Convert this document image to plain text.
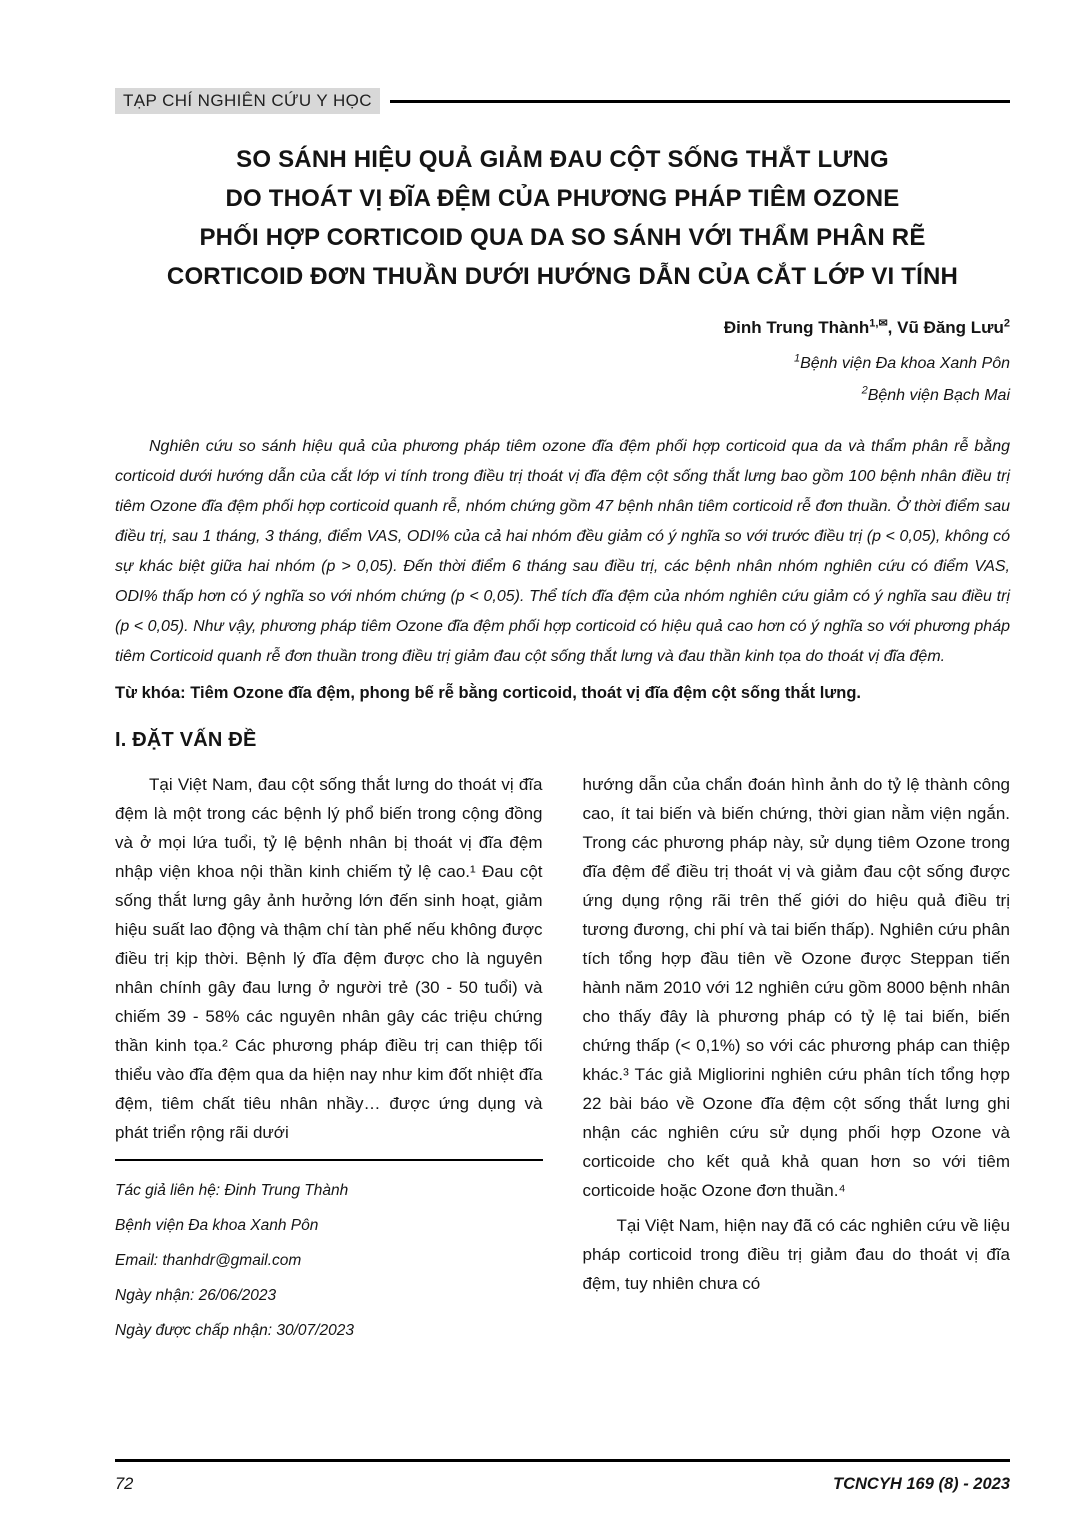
TẠP CHÍ NGHIÊN CỨU Y HỌC
SO SÁNH HIỆU QUẢ GIẢM ĐAU CỘT SỐNG THẮT LƯNG
DO THOÁT VỊ ĐĨA ĐỆM CỦA PHƯƠNG PHÁP TIÊM OZONE
PHỐI HỢP CORTICOID QUA DA SO SÁNH VỚI THẨM PHÂN RẼ
CORTICOID ĐƠN THUẦN DƯỚI HƯỚNG DẪN CỦA CẮT LỚP VI TÍNH
Đinh Trung Thành$^{1,✉}$, Vũ Đăng Lưu$^2$
$^1$Bệnh viện Đa khoa Xanh Pôn
$^2$Bệnh viện Bạch Mai

Nghiên cứu so sánh hiệu quả của phương pháp tiêm ozone đĩa đệm phối hợp corticoid qua da và thẩm phân rễ bằng corticoid dưới hướng dẫn của cắt lớp vi tính trong điều trị thoát vị đĩa đệm cột sống thắt lưng bao gồm 100 bệnh nhân điều trị tiêm Ozone đĩa đệm phối hợp corticoid quanh rễ, nhóm chứng gồm 47 bệnh nhân tiêm corticoid rễ đơn thuần. Ở thời điểm sau điều trị, sau 1 tháng, 3 tháng, điểm VAS, ODI% của cả hai nhóm đều giảm có ý nghĩa so với trước điều trị (p < 0,05), không có sự khác biệt giữa hai nhóm (p > 0,05). Đến thời điểm 6 tháng sau điều trị, các bệnh nhân nhóm nghiên cứu có điểm VAS, ODI% thấp hơn có ý nghĩa so với nhóm chứng (p < 0,05). Thể tích đĩa đệm của nhóm nghiên cứu giảm có ý nghĩa sau điều trị (p < 0,05). Như vậy, phương pháp tiêm Ozone đĩa đệm phối hợp corticoid có hiệu quả cao hơn có ý nghĩa so với phương pháp tiêm Corticoid quanh rễ đơn thuần trong điều trị giảm đau cột sống thắt lưng và đau thần kinh tọa do thoát vị đĩa đệm.

Từ khóa: Tiêm Ozone đĩa đệm, phong bế rễ bằng corticoid, thoát vị đĩa đệm cột sống thắt lưng.

I. ĐẶT VẤN ĐỀ

Tại Việt Nam, đau cột sống thắt lưng do thoát vị đĩa đệm là một trong các bệnh lý phổ biến trong cộng đồng và ở mọi lứa tuổi, tỷ lệ bệnh nhân bị thoát vị đĩa đệm nhập viện khoa nội thần kinh chiếm tỷ lệ cao.¹ Đau cột sống thắt lưng gây ảnh hưởng lớn đến sinh hoạt, giảm hiệu suất lao động và thậm chí tàn phế nếu không được điều trị kịp thời. Bệnh lý đĩa đệm được cho là nguyên nhân chính gây đau lưng ở người trẻ (30 - 50 tuổi) và chiếm 39 - 58% các nguyên nhân gây các triệu chứng thần kinh tọa.² Các phương pháp điều trị can thiệp tối thiểu vào đĩa đệm qua da hiện nay như kim đốt nhiệt đĩa đệm, tiêm chất tiêu nhân nhầy… được ứng dụng và phát triển rộng rãi dưới

Tác giả liên hệ: Đinh Trung Thành
Bệnh viện Đa khoa Xanh Pôn
Email: thanhdr@gmail.com
Ngày nhận: 26/06/2023
Ngày được chấp nhận: 30/07/2023

hướng dẫn của chẩn đoán hình ảnh do tỷ lệ thành công cao, ít tai biến và biến chứng, thời gian nằm viện ngắn. Trong các phương pháp này, sử dụng tiêm Ozone trong đĩa đệm để điều trị thoát vị và giảm đau cột sống được ứng dụng rộng rãi trên thế giới do hiệu quả điều trị tương đương, chi phí và tai biến thấp). Nghiên cứu phân tích tổng hợp đầu tiên về Ozone được Steppan tiến hành năm 2010 với 12 nghiên cứu gồm 8000 bệnh nhân cho thấy đây là phương pháp có tỷ lệ tai biến, biến chứng thấp (< 0,1%) so với các phương pháp can thiệp khác.³ Tác giả Migliorini nghiên cứu phân tích tổng hợp 22 bài báo về Ozone đĩa đệm cột sống thắt lưng ghi nhận các nghiên cứu sử dụng phối hợp Ozone và corticoide cho kết quả khả quan hơn so với tiêm corticoide hoặc Ozone đơn thuần.⁴

Tại Việt Nam, hiện nay đã có các nghiên cứu về liệu pháp corticoid trong điều trị giảm đau do thoát vị đĩa đệm, tuy nhiên chưa có

72	TCNCYH 169 (8) - 2023
